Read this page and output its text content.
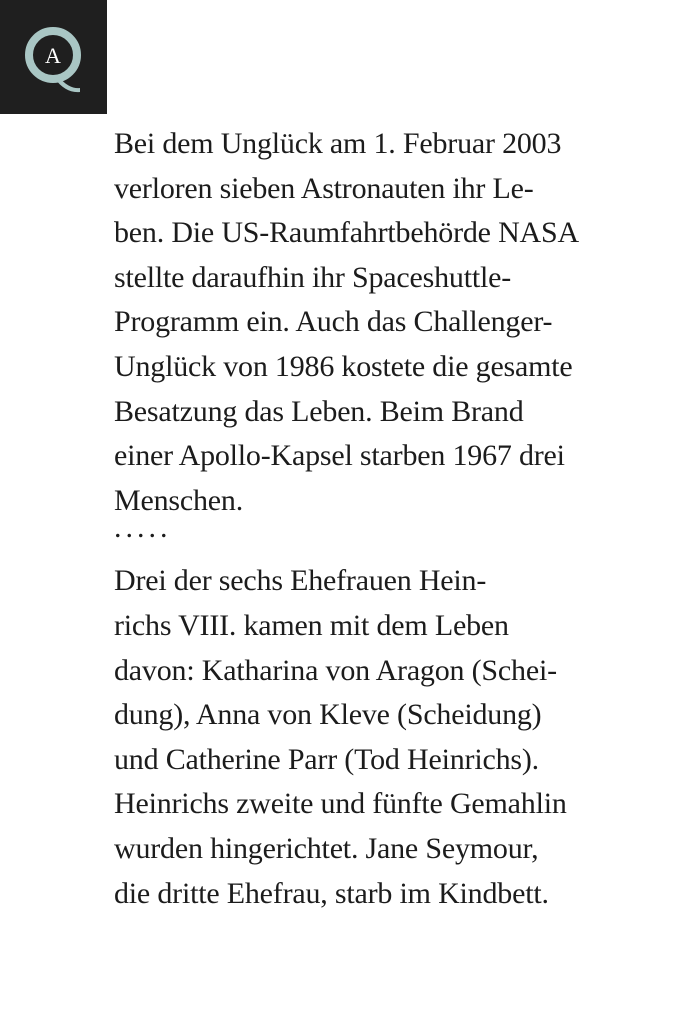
A

Bei dem Unglück am 1. Februar 2003
verloren sieben Astronauten ihr Le-
ben. Die US-Raumfahrtbehörde NASA
stellte daraufhin ihr Spaceshuttle-
Programm ein. Auch das Challenger-
Unglück von 1986 kostete die gesamte
Besatzung das Leben. Beim Brand
einer Apollo-Kapsel starben 1967 drei
Menschen.

.....

Drei der sechs Ehefrauen Hein-
richs VIII. kamen mit dem Leben
davon: Katharina von Aragon (Schei-
dung), Anna von Kleve (Scheidung)
und Catherine Parr (Tod Heinrichs).
Heinrichs zweite und fünfte Gemahlin
wurden hingerichtet. Jane Seymour,
die dritte Ehefrau, starb im Kindbett.
